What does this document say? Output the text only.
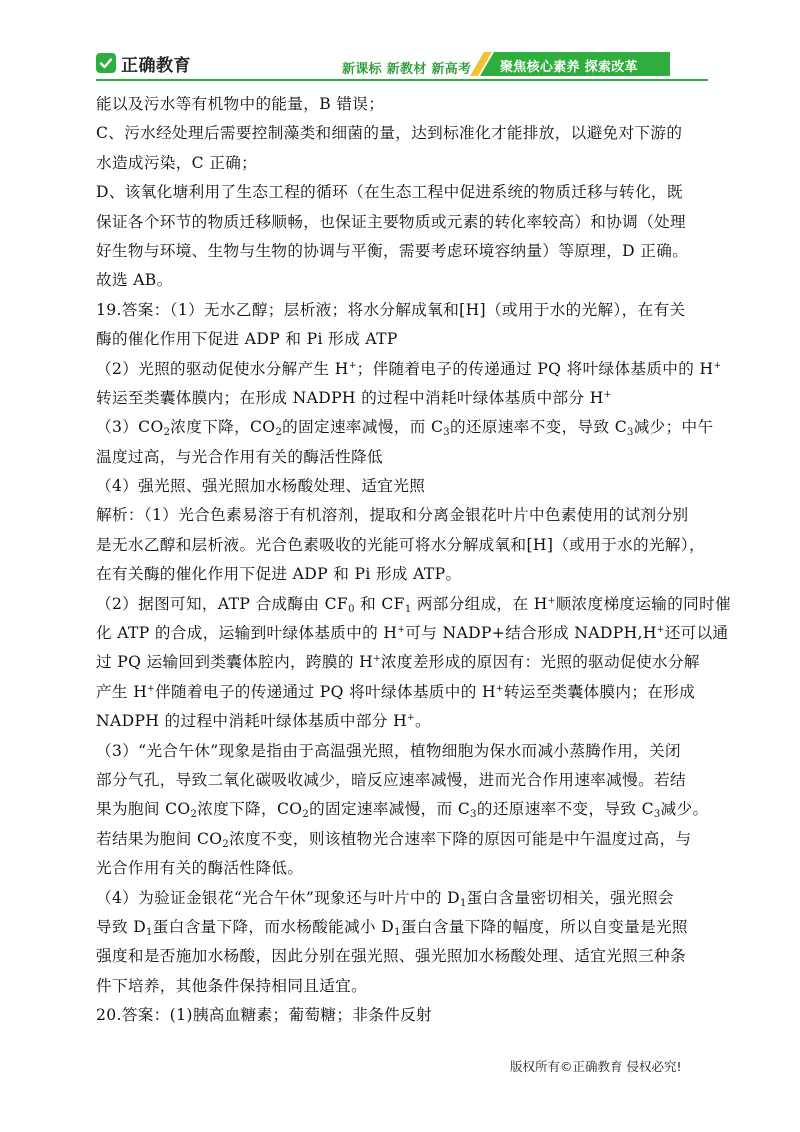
正确教育	新课标 新教材 新高考 聚焦核心素养 探索改革
能以及污水等有机物中的能量，B 错误；
C、污水经处理后需要控制藻类和细菌的量，达到标准化才能排放，以避免对下游的
水造成污染，C 正确；
D、该氧化塘利用了生态工程的循环（在生态工程中促进系统的物质迁移与转化，既
保证各个环节的物质迁移顺畅，也保证主要物质或元素的转化率较高）和协调（处理
好生物与环境、生物与生物的协调与平衡，需要考虑环境容纳量）等原理，D 正确。
故选 AB。
19.答案：（1）无水乙醇；层析液；将水分解成氧和[H]（或用于水的光解），在有关
酶的催化作用下促进 ADP 和 Pi 形成 ATP
（2）光照的驱动促使水分解产生 H+；伴随着电子的传递通过 PQ 将叶绿体基质中的 H+
转运至类囊体膜内；在形成 NADPH 的过程中消耗叶绿体基质中部分 H+
$(3)CO_2$浓度下降，$CO_2$的固定速率减慢，而 $C_3$的还原速率不变，导致 $C_3$减少；中午
温度过高，与光合作用有关的酶活性降低
（4）强光照、强光照加水杨酸处理、适宜光照
解析：（1）光合色素易溶于有机溶剂，提取和分离金银花叶片中色素使用的试剂分别
是无水乙醇和层析液。光合色素吸收的光能可将水分解成氧和[H]（或用于水的光解），
在有关酶的催化作用下促进 ADP 和 Pi 形成 ATP。
（2）据图可知，ATP 合成酶由 $CF_0$ 和 $CF_1$ 两部分组成，在 H+顺浓度梯度运输的同时催
化 ATP 的合成，运输到叶绿体基质中的 H+可与 NADP+结合形成 NADPH,H+还可以通
过 PQ 运输回到类囊体腔内，跨膜的 H+浓度差形成的原因有：光照的驱动促使水分解
产生 H+伴随着电子的传递通过 PQ 将叶绿体基质中的 H+转运至类囊体膜内；在形成
NADPH 的过程中消耗叶绿体基质中部分 H+。
（3）“光合午休”现象是指由于高温强光照，植物细胞为保水而减小蒸腾作用，关闭
部分气孔，导致二氧化碳吸收减少，暗反应速率减慢，进而光合作用速率减慢。若结
果为胞间 $CO_2$浓度下降，$CO_2$的固定速率减慢，而 $C_3$的还原速率不变，导致 $C_3$减少。
若结果为胞间 $CO_2$浓度不变，则该植物光合速率下降的原因可能是中午温度过高，与
光合作用有关的酶活性降低。
（4）为验证金银花“光合午休”现象还与叶片中的 $D_1$蛋白含量密切相关，强光照会
导致 $D_1$蛋白含量下降，而水杨酸能减小 $D_1$蛋白含量下降的幅度，所以自变量是光照
强度和是否施加水杨酸，因此分别在强光照、强光照加水杨酸处理、适宜光照三种条
件下培养，其他条件保持相同且适宜。
20.答案：(1)胰高血糖素；葡萄糖；非条件反射
版权所有©正确教育 侵权必究!
